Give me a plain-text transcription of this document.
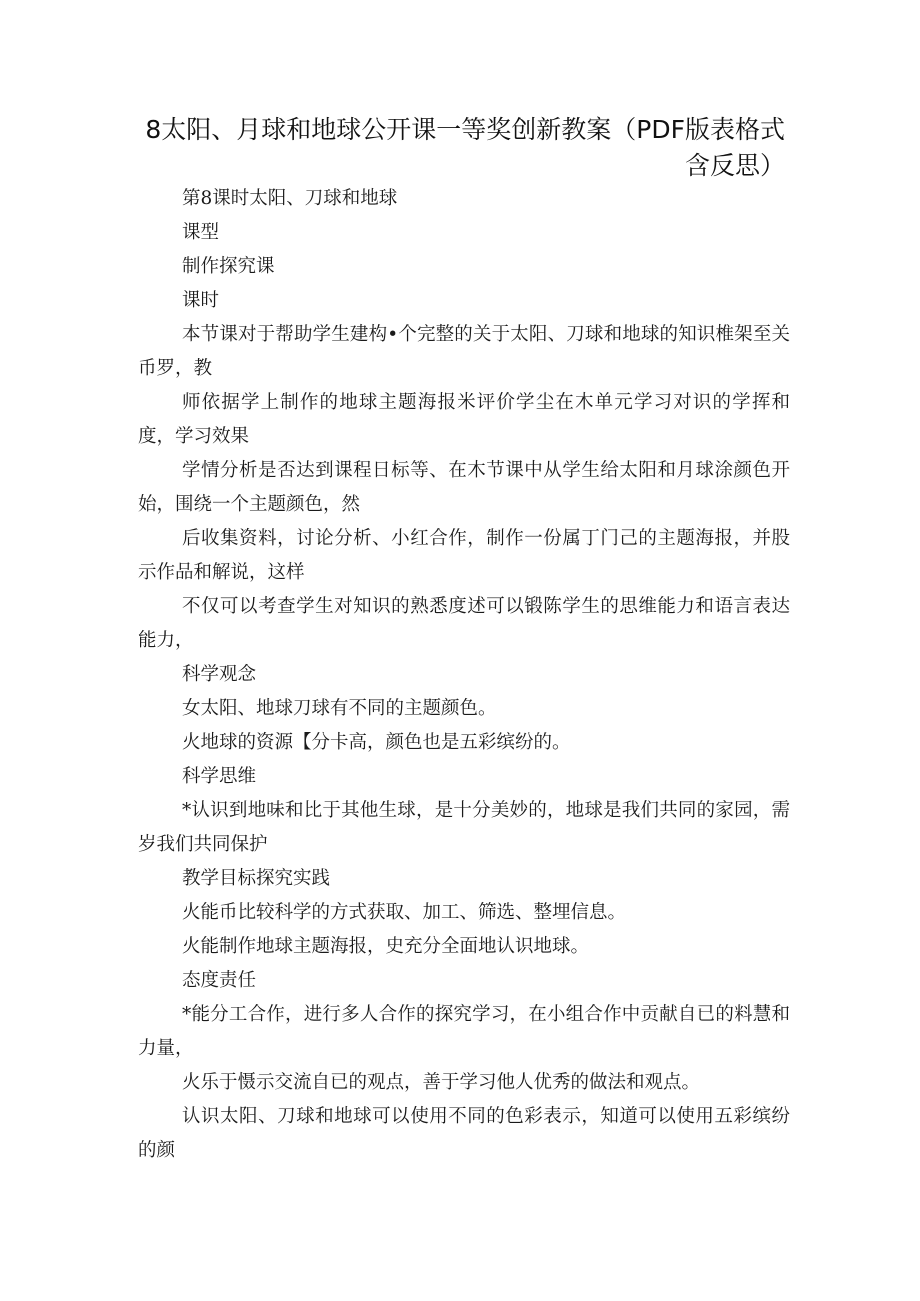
8太阳、月球和地球公开课一等奖创新教案（PDF版表格式含反思）

第8课时太阳、刀球和地球

课型

制作探究课

课时

本节课对于帮助学生建构•个完整的关于太阳、刀球和地球的知识椎架至关币罗，教

师依据学上制作的地球主题海报米评价学尘在木单元学习对识的学挥和度，学习效果

学情分析是否达到课程日标等、在木节课中从学生给太阳和月球涂颜色开始，围绕一个主题颜色，然

后收集资料，讨论分析、小红合作，制作一份属丁门己的主题海报，并股示作品和解说，这样

不仅可以考查学生对知识的熟悉度述可以锻陈学生的思维能力和语言表达能力，

科学观念

女太阳、地球刀球有不同的主题颜色。

火地球的资源【分卡高，颜色也是五彩缤纷的。

科学思维

*认识到地味和比于其他生球，是十分美妙的，地球是我们共同的家园，需岁我们共同保护

教学目标探究实践

火能币比较科学的方式获取、加工、筛选、整埋信息。

火能制作地球主题海报，史充分全面地认识地球。

态度责任

*能分工合作，进行多人合作的探究学习，在小组合作中贡献自已的料慧和力量，

火乐于慑示交流自已的观点，善于学习他人优秀的做法和观点。

认识太阳、刀球和地球可以使用不同的色彩表示，知道可以使用五彩缤纷的颜
